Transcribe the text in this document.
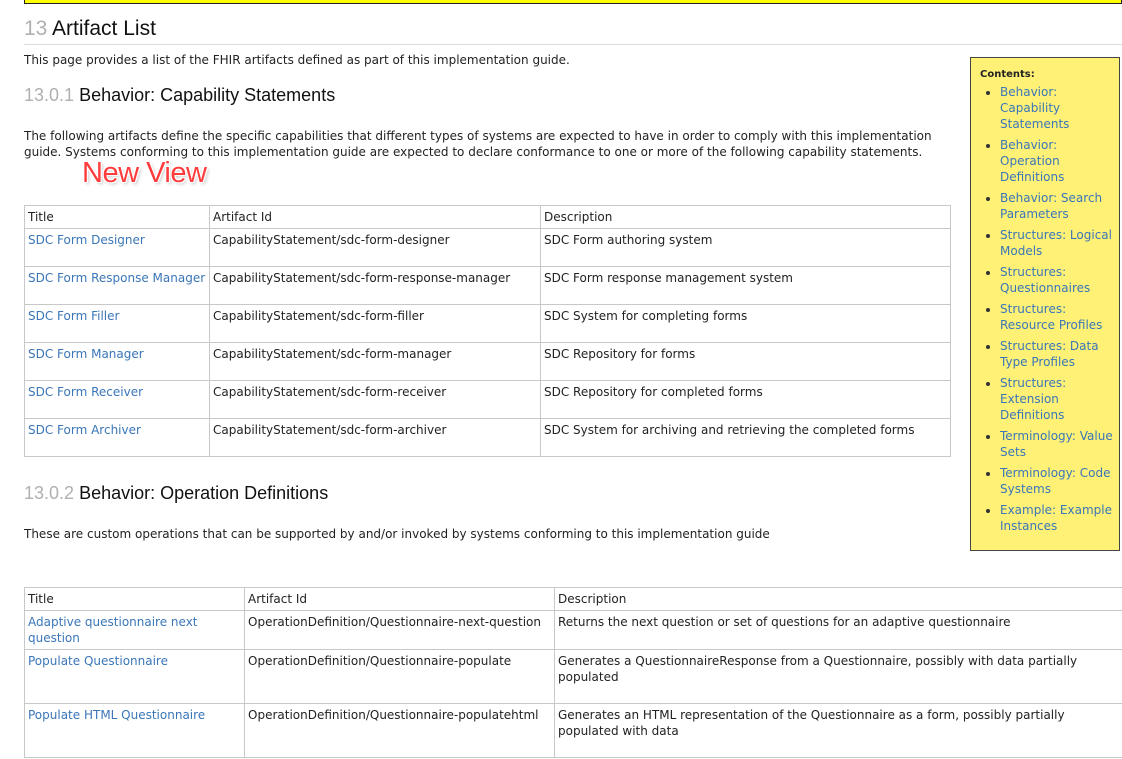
13 Artifact List
This page provides a list of the FHIR artifacts defined as part of this implementation guide.
13.0.1 Behavior: Capability Statements
The following artifacts define the specific capabilities that different types of systems are expected to have in order to comply with this implementation
guide. Systems conforming to this implementation guide are expected to declare conformance to one or more of the following capability statements.
New View
Title	Artifact Id	Description
SDC Form Designer	CapabilityStatement/sdc-form-designer	SDC Form authoring system
SDC Form Response Manager	CapabilityStatement/sdc-form-response-manager	SDC Form response management system
SDC Form Filler	CapabilityStatement/sdc-form-filler	SDC System for completing forms
SDC Form Manager	CapabilityStatement/sdc-form-manager	SDC Repository for forms
SDC Form Receiver	CapabilityStatement/sdc-form-receiver	SDC Repository for completed forms
SDC Form Archiver	CapabilityStatement/sdc-form-archiver	SDC System for archiving and retrieving the completed forms
13.0.2 Behavior: Operation Definitions
These are custom operations that can be supported by and/or invoked by systems conforming to this implementation guide
Title	Artifact Id	Description
Adaptive questionnaire next question	OperationDefinition/Questionnaire-next-question	Returns the next question or set of questions for an adaptive questionnaire
Populate Questionnaire	OperationDefinition/Questionnaire-populate	Generates a QuestionnaireResponse from a Questionnaire, possibly with data partially populated
Populate HTML Questionnaire	OperationDefinition/Questionnaire-populatehtml	Generates an HTML representation of the Questionnaire as a form, possibly partially populated with data
Contents:
• Behavior: Capability Statements
• Behavior: Operation Definitions
• Behavior: Search Parameters
• Structures: Logical Models
• Structures: Questionnaires
• Structures: Resource Profiles
• Structures: Data Type Profiles
• Structures: Extension Definitions
• Terminology: Value Sets
• Terminology: Code Systems
• Example: Example Instances
